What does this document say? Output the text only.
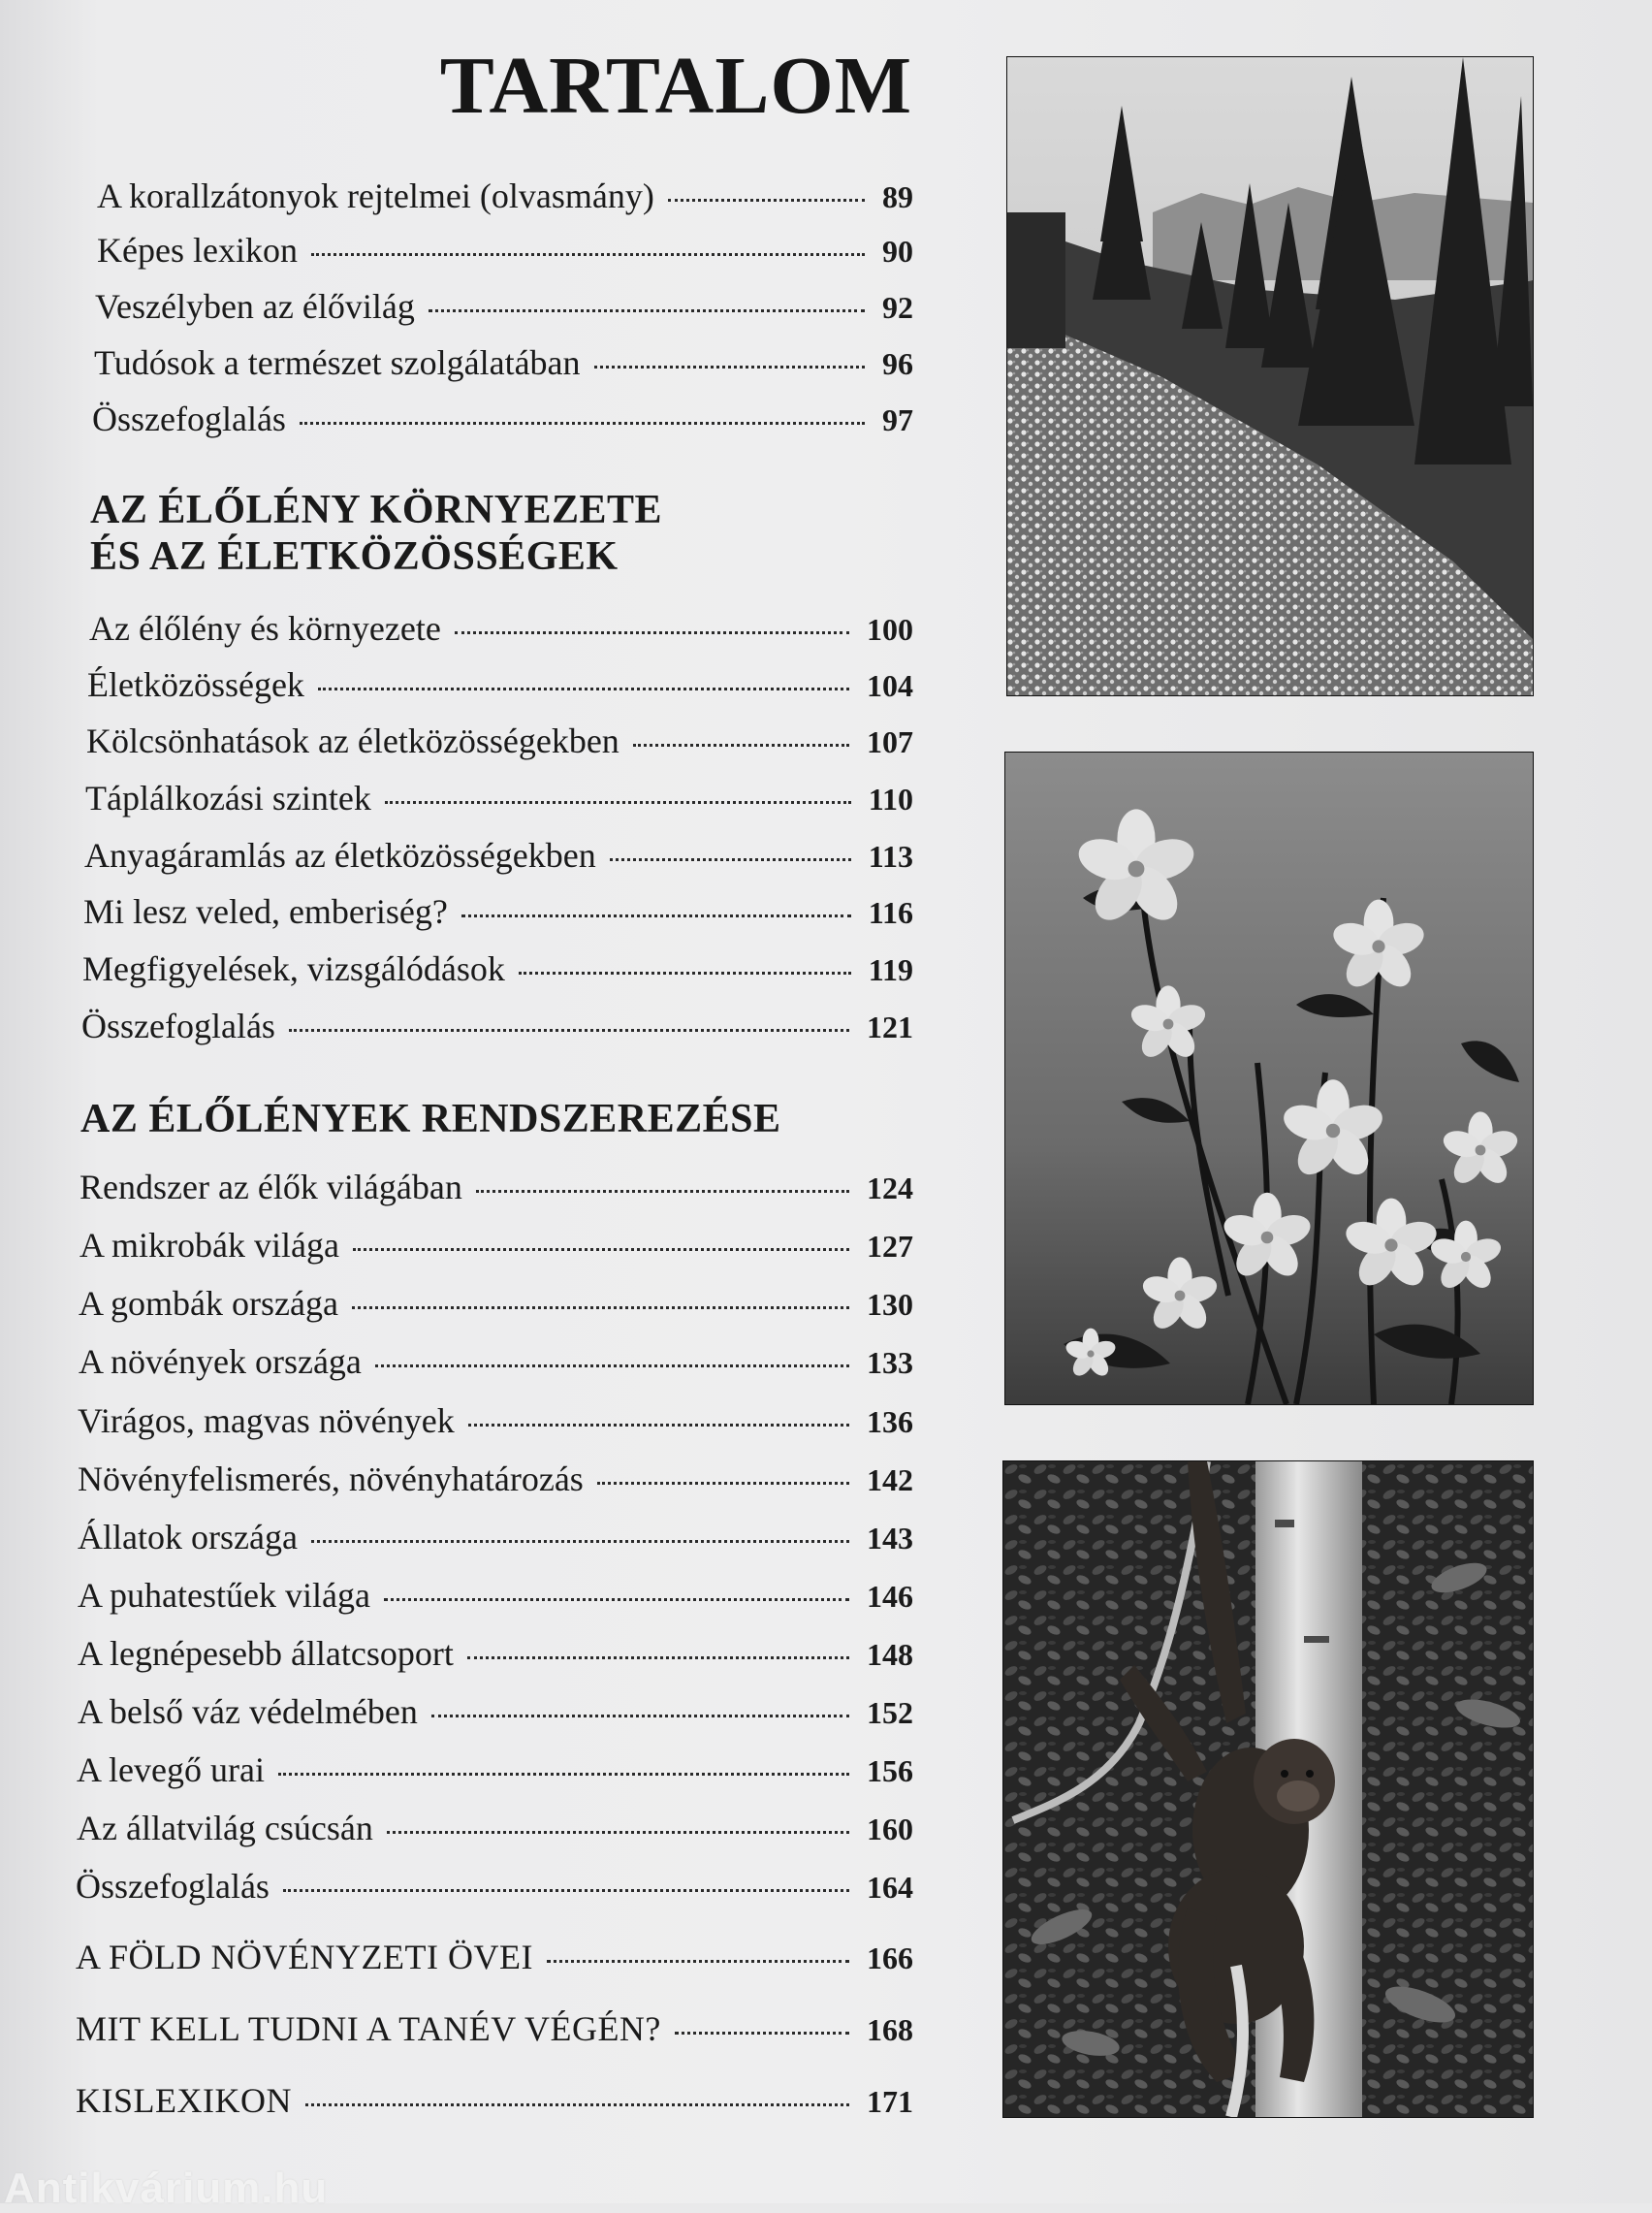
TARTALOM
A korallzátonyok rejtelmei (olvasmány)	89
Képes lexikon	90
Veszélyben az élővilág	92
Tudósok a természet szolgálatában	96
Összefoglalás	97
AZ ÉLŐLÉNY KÖRNYEZETE
ÉS AZ ÉLETKÖZÖSSÉGEK
Az élőlény és környezete	100
Életközösségek	104
Kölcsönhatások az életközösségekben	107
Táplálkozási szintek	110
Anyagáramlás az életközösségekben	113
Mi lesz veled, emberiség?	116
Megfigyelések, vizsgálódások	119
Összefoglalás	121
AZ ÉLŐLÉNYEK RENDSZEREZÉSE
Rendszer az élők világában	124
A mikrobák világa	127
A gombák országa	130
A növények országa	133
Virágos, magvas növények	136
Növényfelismerés, növényhatározás	142
Állatok országa	143
A puhatestűek világa	146
A legnépesebb állatcsoport	148
A belső váz védelmében	152
A levegő urai	156
Az állatvilág csúcsán	160
Összefoglalás	164
A FÖLD NÖVÉNYZETI ÖVEI	166
MIT KELL TUDNI A TANÉV VÉGÉN?	168
KISLEXIKON	171
Antikvárium.hu
